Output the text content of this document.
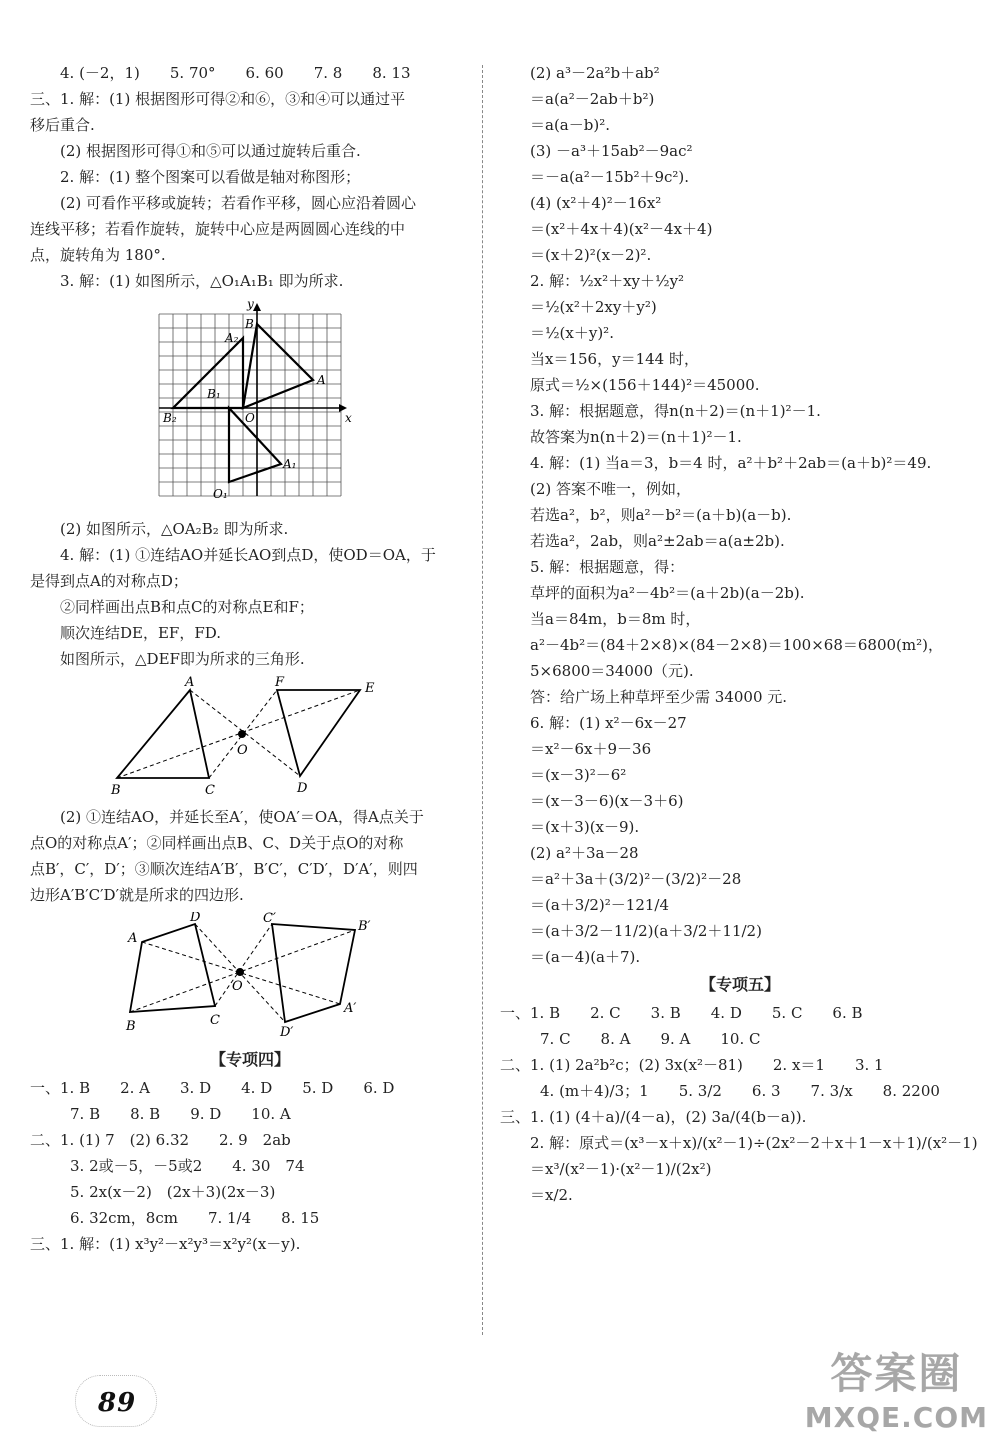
4. (－2，1)　　5. 70°　　6. 60　　7. 8　　8. 13
三、1. 解：(1) 根据图形可得②和⑥，③和④可以通过平
移后重合.
(2) 根据图形可得①和⑤可以通过旋转后重合.
2. 解：(1) 整个图案可以看做是轴对称图形；
(2) 可看作平移或旋转；若看作平移，圆心应沿着圆心
连线平移；若看作旋转，旋转中心应是两圆圆心连线的中
点，旋转角为 180°.
3. 解：(1) 如图所示，△O₁A₁B₁ 即为所求.
y
B
A₂
A
B₁
O	x
B₂
A₁
O₁
(2) 如图所示，△OA₂B₂ 即为所求.
4. 解：(1) ①连结AO并延长AO到点D，使OD＝OA，于
是得到点A的对称点D；
②同样画出点B和点C的对称点E和F；
顺次连结DE，EF，FD.
如图所示，△DEF即为所求的三角形.
A	F	E
O
B	C	D
(2) ①连结AO，并延长至A′，使OA′＝OA，得A点关于
点O的对称点A′；②同样画出点B、C、D关于点O的对称
点B′，C′，D′；③顺次连结A′B′，B′C′，C′D′，D′A′，则四
边形A′B′C′D′就是所求的四边形.
A
D	C′
B′
O
B	C
A′
D′
【专项四】
一、1. B　　2. A　　3. D　　4. D　　5. D　　6. D
7. B　　8. B　　9. D　　10. A
二、1. (1) 7　(2) 6.32　　2. 9　2ab
3. 2或－5，－5或2　　4. 30　74
5. 2x(x－2)　(2x＋3)(2x－3)
6. 32cm，8cm　　7. 1/4　　8. 15
三、1. 解：(1) x³y²－x²y³＝x²y²(x－y).
(2) a³－2a²b＋ab²
＝a(a²－2ab＋b²)
＝a(a－b)².
(3) －a³＋15ab²－9ac²
＝－a(a²－15b²＋9c²).
(4) (x²＋4)²－16x²
＝(x²＋4x＋4)(x²－4x＋4)
＝(x＋2)²(x－2)².
2. 解：½x²＋xy＋½y²
＝½(x²＋2xy＋y²)
＝½(x＋y)².
当x＝156，y＝144 时，
原式＝½×(156＋144)²＝45000.
3. 解：根据题意，得n(n＋2)＝(n＋1)²－1.
故答案为n(n＋2)＝(n＋1)²－1.
4. 解：(1) 当a＝3，b＝4 时，a²＋b²＋2ab＝(a＋b)²＝49.
(2) 答案不唯一，例如，
若选a²，b²，则a²－b²＝(a＋b)(a－b).
若选a²，2ab，则a²±2ab＝a(a±2b).
5. 解：根据题意，得：
草坪的面积为a²－4b²＝(a＋2b)(a－2b).
当a＝84m，b＝8m 时，
a²－4b²＝(84＋2×8)×(84－2×8)＝100×68＝6800(m²)，
5×6800＝34000（元).
答：给广场上种草坪至少需 34000 元.
6. 解：(1) x²－6x－27
＝x²－6x＋9－36
＝(x－3)²－6²
＝(x－3－6)(x－3＋6)
＝(x＋3)(x－9).
(2) a²＋3a－28
＝a²＋3a＋(3/2)²－(3/2)²－28
＝(a＋3/2)²－121/4
＝(a＋3/2－11/2)(a＋3/2＋11/2)
＝(a－4)(a＋7).
【专项五】
一、1. B　　2. C　　3. B　　4. D　　5. C　　6. B
7. C　　8. A　　9. A　　10. C
二、1. (1) 2a²b²c；(2) 3x(x²－81)　　2. x＝1　　3. 1
4. (m＋4)/3；1　　5. 3/2　　6. 3　　7. 3/x　　8. 2200
三、1. (1) (4＋a)/(4－a)，(2) 3a/(4(b－a)).
2. 解：原式＝(x³－x＋x)/(x²－1)÷(2x²－2＋x＋1－x＋1)/(x²－1)
＝x³/(x²－1)·(x²－1)/(2x²)
＝x/2.
89
答案圈
MXQE.COM
